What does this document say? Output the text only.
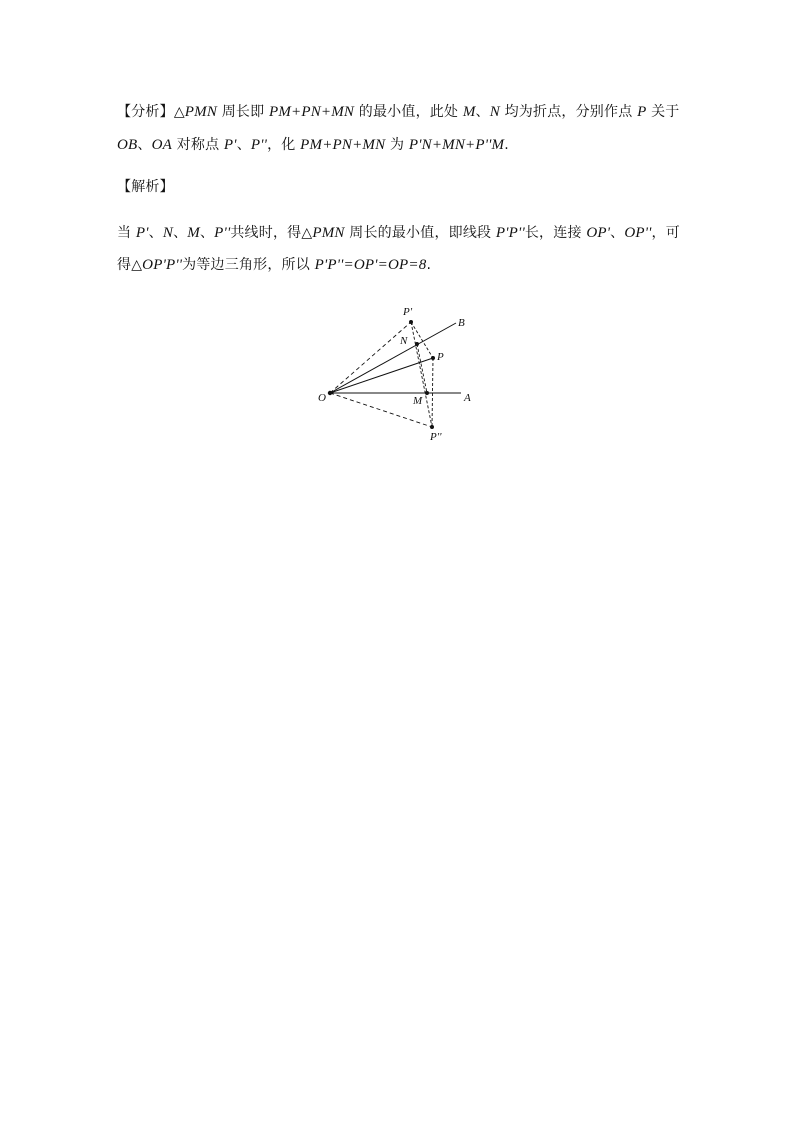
【分析】△PMN 周长即 PM+PN+MN 的最小值，此处 M、N 均为折点，分别作点 P 关于
OB、OA 对称点 P'、P''，化 PM+PN+MN 为 P'N+MN+P''M.
【解析】
当 P'、N、M、P''共线时，得△PMN 周长的最小值，即线段 P'P''长，连接 OP'、OP''，可
得△OP'P''为等边三角形，所以 P'P''=OP'=OP=8.
O	A
B
P
N
M
P'
P''
